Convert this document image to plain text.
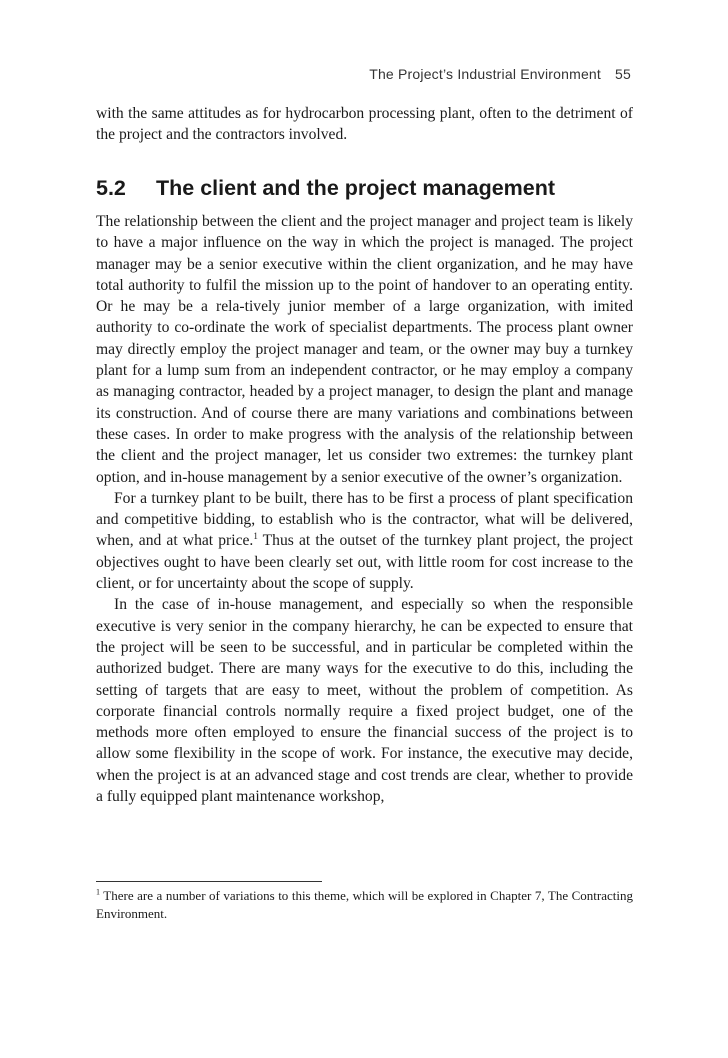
The Project’s Industrial Environment 55

with the same attitudes as for hydrocarbon processing plant, often to the detriment of the project and the contractors involved.

5.2 The client and the project management

The relationship between the client and the project manager and project team is likely to have a major influence on the way in which the project is managed. The project manager may be a senior executive within the client organization, and he may have total authority to fulfil the mission up to the point of handover to an operating entity. Or he may be a rela-tively junior member of a large organization, with imited authority to co-ordinate the work of specialist departments. The process plant owner may directly employ the project manager and team, or the owner may buy a turnkey plant for a lump sum from an independent contractor, or he may employ a company as managing contractor, headed by a project manager, to design the plant and manage its construction. And of course there are many variations and combinations between these cases. In order to make progress with the analysis of the relationship between the client and the project manager, let us consider two extremes: the turnkey plant option, and in-house management by a senior executive of the owner’s organization.

For a turnkey plant to be built, there has to be first a process of plant specification and competitive bidding, to establish who is the contractor, what will be delivered, when, and at what price.$^1$ Thus at the outset of the turnkey plant project, the project objectives ought to have been clearly set out, with little room for cost increase to the client, or for uncertainty about the scope of supply.

In the case of in-house management, and especially so when the responsible executive is very senior in the company hierarchy, he can be expected to ensure that the project will be seen to be successful, and in particular be completed within the authorized budget. There are many ways for the executive to do this, including the setting of targets that are easy to meet, without the problem of competition. As corporate financial controls normally require a fixed project budget, one of the methods more often employed to ensure the financial success of the project is to allow some flexibility in the scope of work. For instance, the executive may decide, when the project is at an advanced stage and cost trends are clear, whether to provide a fully equipped plant maintenance workshop,

$^1$ There are a number of variations to this theme, which will be explored in Chapter 7, The Contracting Environment.
